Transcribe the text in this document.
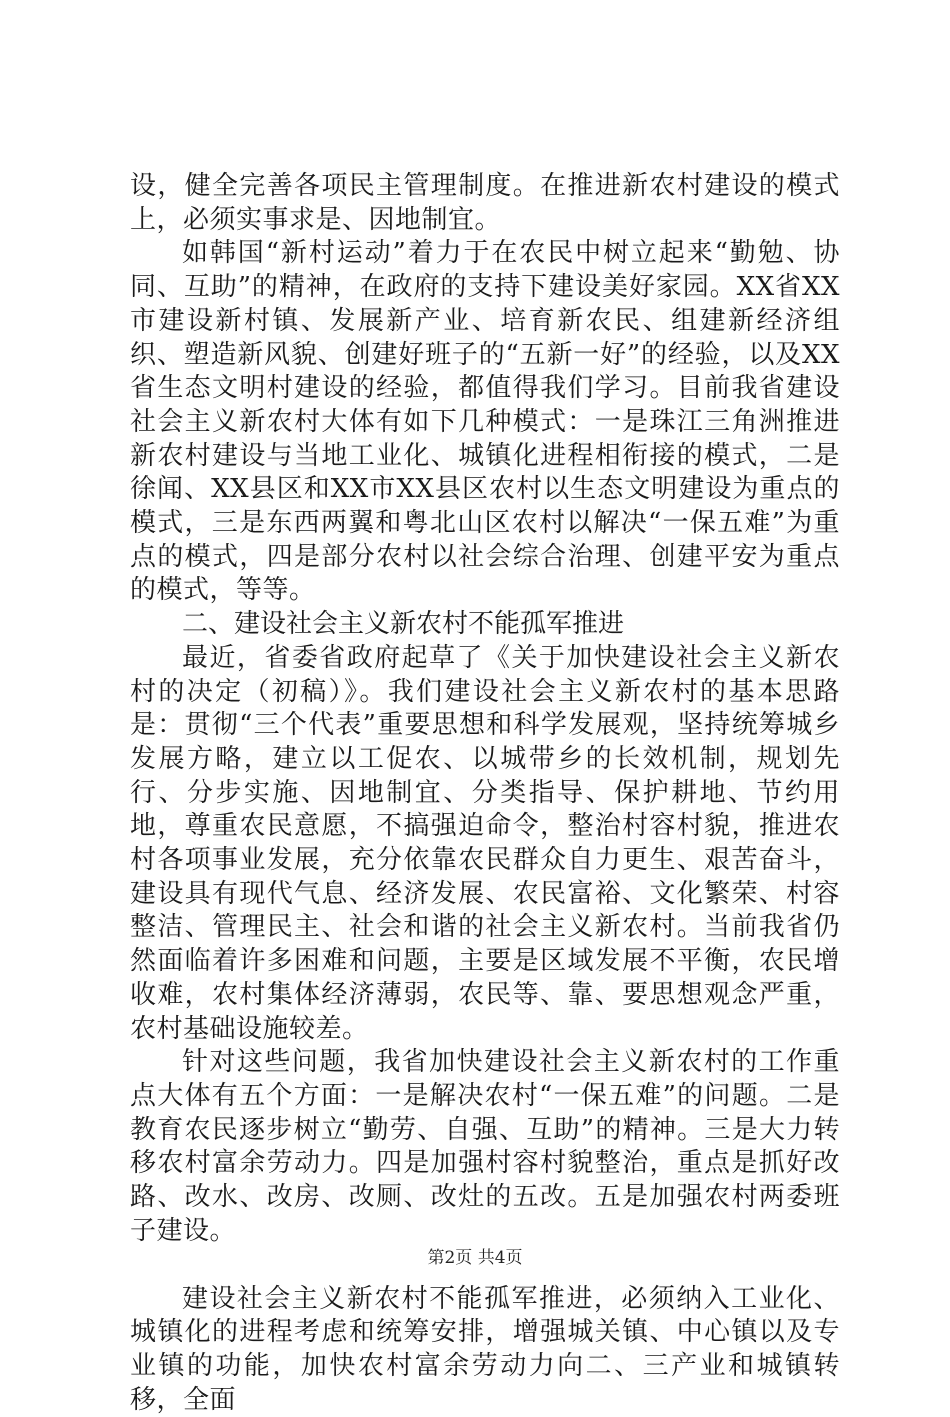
设，健全完善各项民主管理制度。在推进新农村建设的模式上，必须实事求是、因地制宜。

如韩国“新村运动”着力于在农民中树立起来“勤勉、协同、互助”的精神，在政府的支持下建设美好家园。XX省XX市建设新村镇、发展新产业、培育新农民、组建新经济组织、塑造新风貌、创建好班子的“五新一好”的经验，以及XX省生态文明村建设的经验，都值得我们学习。目前我省建设社会主义新农村大体有如下几种模式：一是珠江三角洲推进新农村建设与当地工业化、城镇化进程相衔接的模式，二是徐闻、XX县区和XX市XX县区农村以生态文明建设为重点的模式，三是东西两翼和粤北山区农村以解决“一保五难”为重点的模式，四是部分农村以社会综合治理、创建平安为重点的模式，等等。

二、建设社会主义新农村不能孤军推进

最近，省委省政府起草了《关于加快建设社会主义新农村的决定（初稿）》。我们建设社会主义新农村的基本思路是：贯彻“三个代表”重要思想和科学发展观，坚持统筹城乡发展方略，建立以工促农、以城带乡的长效机制，规划先行、分步实施、因地制宜、分类指导、保护耕地、节约用地，尊重农民意愿，不搞强迫命令，整治村容村貌，推进农村各项事业发展，充分依靠农民群众自力更生、艰苦奋斗，建设具有现代气息、经济发展、农民富裕、文化繁荣、村容整洁、管理民主、社会和谐的社会主义新农村。当前我省仍然面临着许多困难和问题，主要是区域发展不平衡，农民增收难，农村集体经济薄弱，农民等、靠、要思想观念严重，农村基础设施较差。

针对这些问题，我省加快建设社会主义新农村的工作重点大体有五个方面：一是解决农村“一保五难”的问题。二是教育农民逐步树立“勤劳、自强、互助”的精神。三是大力转移农村富余劳动力。四是加强村容村貌整治，重点是抓好改路、改水、改房、改厕、改灶的五改。五是加强农村两委班子建设。

建设社会主义新农村不能孤军推进，必须纳入工业化、城镇化的进程考虑和统筹安排，增强城关镇、中心镇以及专业镇的功能，加快农村富余劳动力向二、三产业和城镇转移，全面

第2页 共4页
